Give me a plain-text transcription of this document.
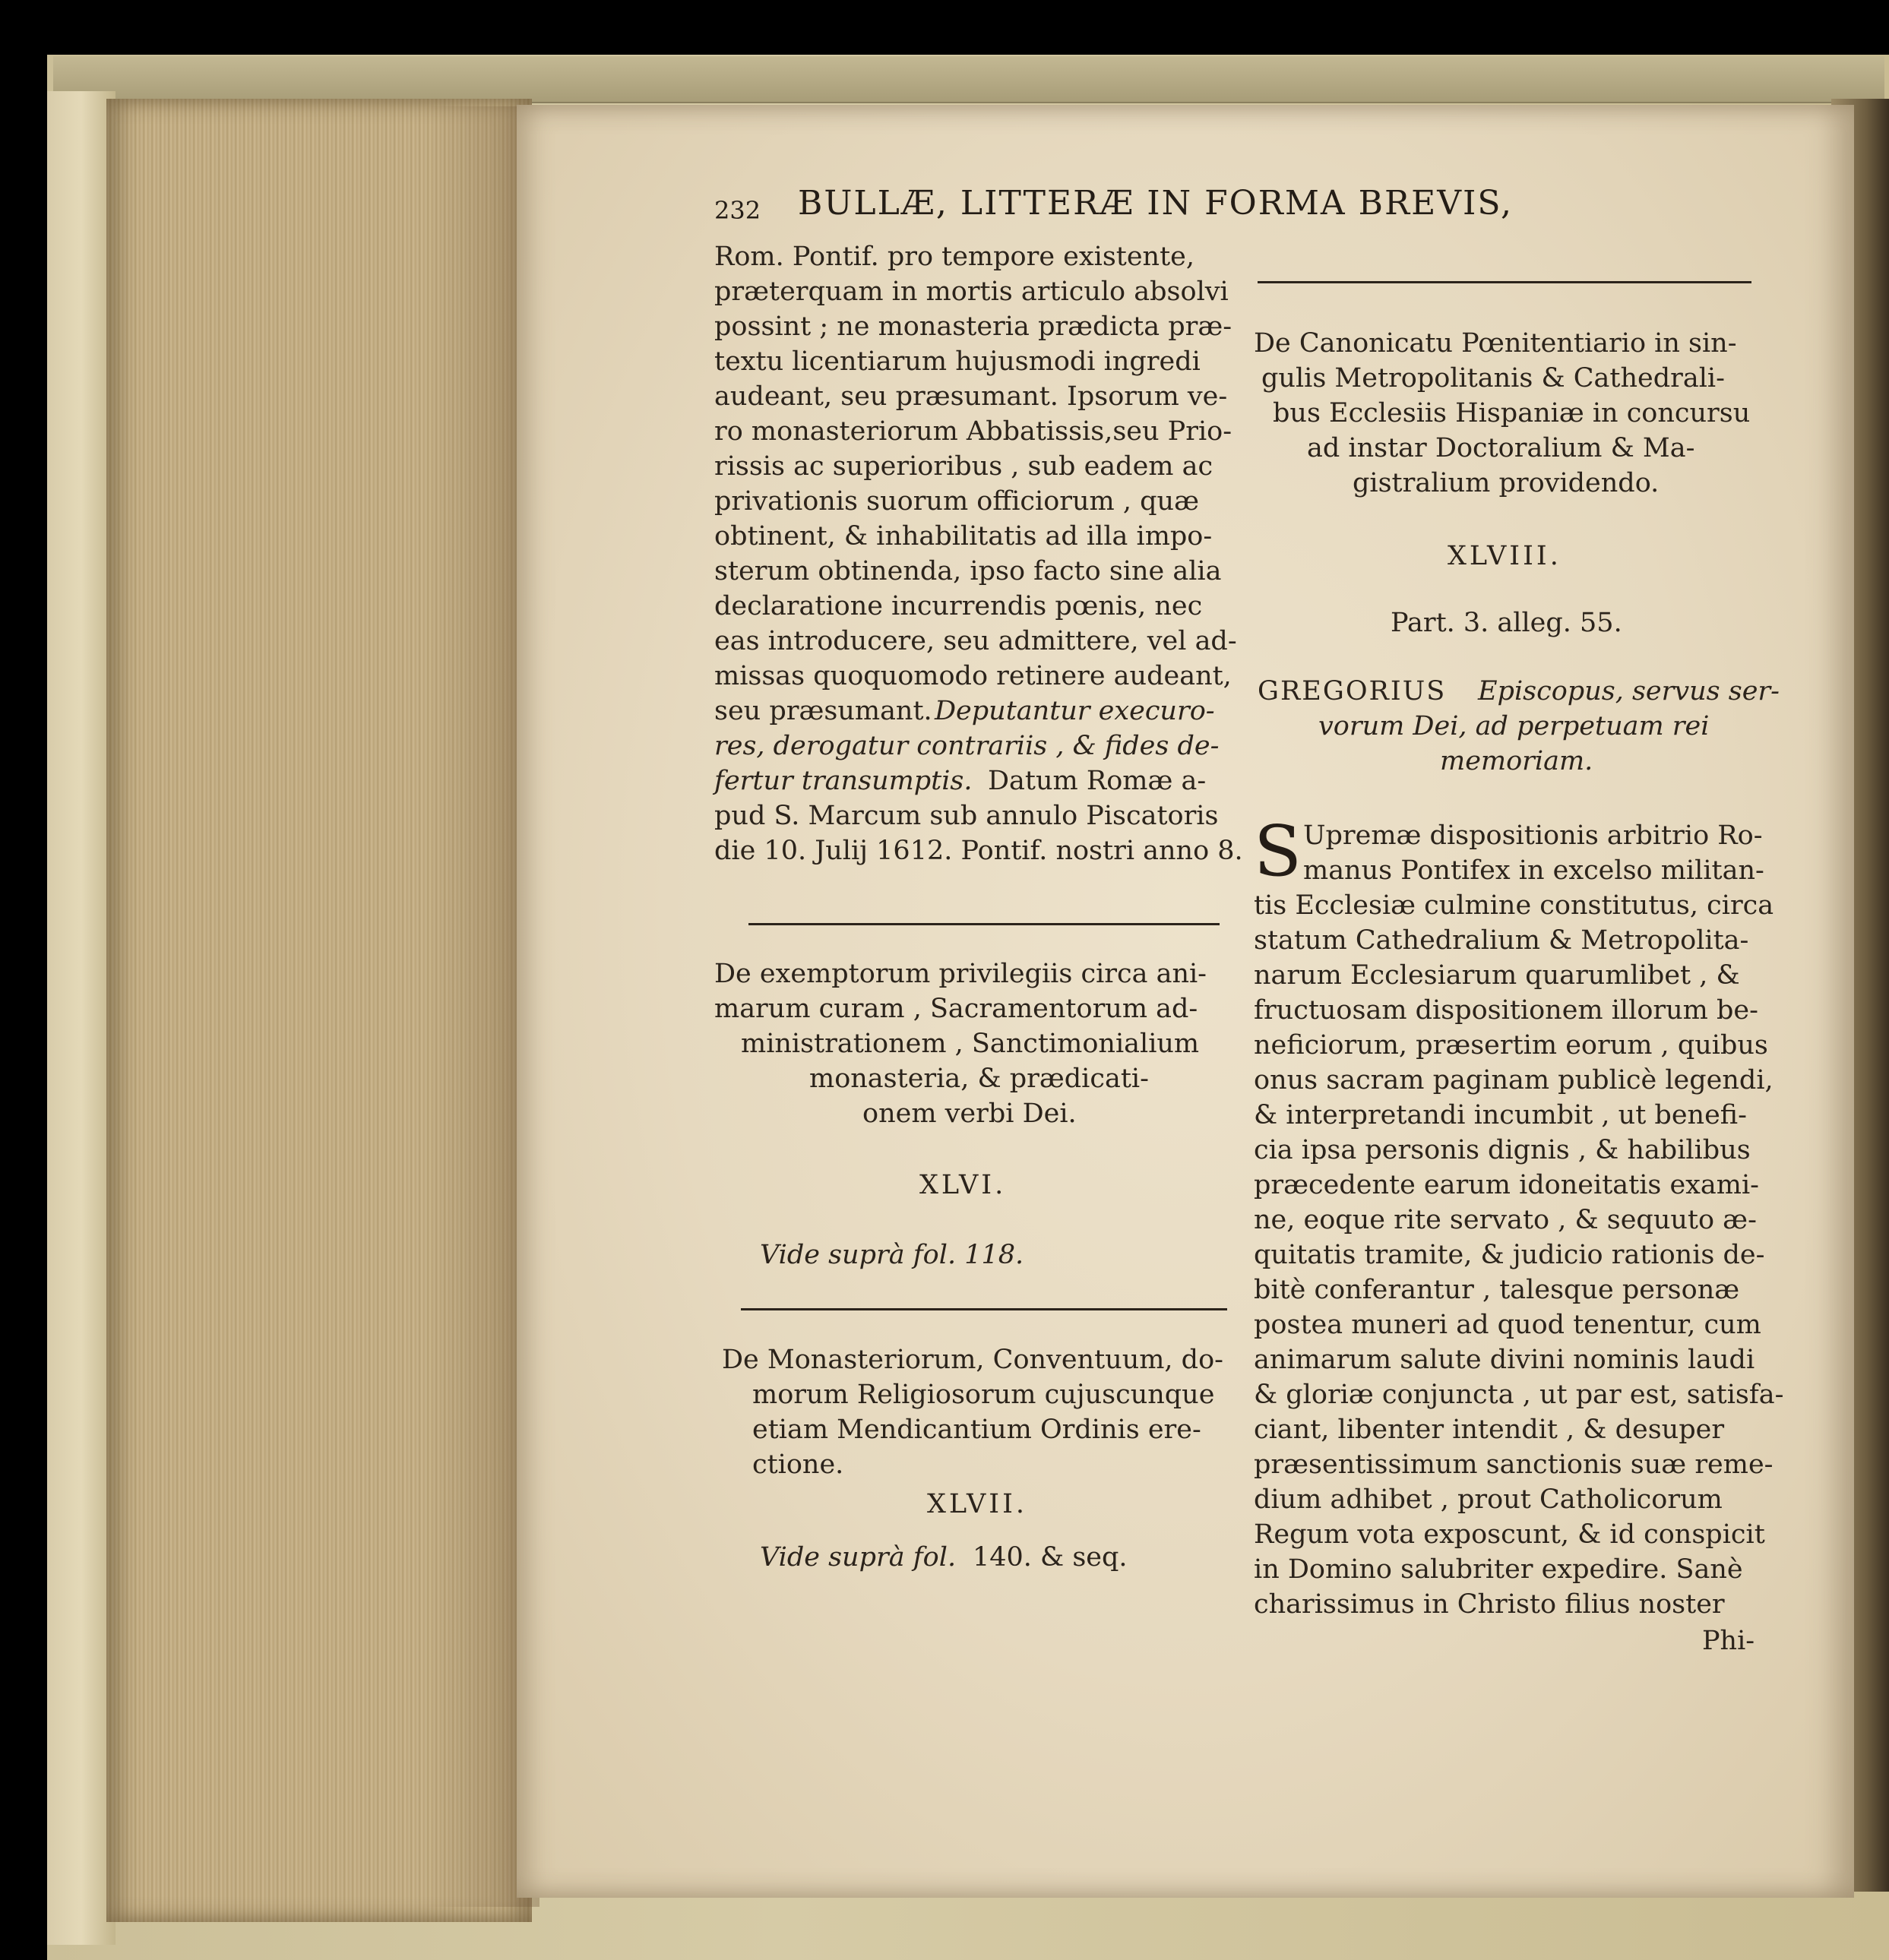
232 BULLÆ, LITTERÆ IN FORMA BREVIS,
Rom. Pontif. pro tempore existente,
præterquam in mortis articulo absolvi
possint ; ne monasteria prædicta præ-
textu licentiarum hujusmodi ingredi
audeant, seu præsumant. Ipsorum ve-
ro monasteriorum Abbatissis,seu Prio-
rissis ac superioribus , sub eadem ac
privationis suorum officiorum , quæ
obtinent, & inhabilitatis ad illa impo-
sterum obtinenda, ipso facto sine alia
declaratione incurrendis pœnis, nec
eas introducere, seu admittere, vel ad-
missas quoquomodo retinere audeant,
seu præsumant. Deputantur execuro-
res, derogatur contrariis , & fides de-
fertur transumptis. Datum Romæ a-
pud S. Marcum sub annulo Piscatoris
die 10. Julij 1612. Pontif. nostri anno 8.
De exemptorum privilegiis circa ani-
marum curam , Sacramentorum ad-
ministrationem , Sanctimonialium
monasteria, & prædicati-
onem verbi Dei.
XLVI.
Vide suprà fol. 118.
De Monasteriorum, Conventuum, do-
morum Religiosorum cujuscunque
etiam Mendicantium Ordinis ere-
ctione.
XLVII.
Vide suprà fol. 140. & seq.
De Canonicatu Pœnitentiario in sin-
gulis Metropolitanis & Cathedrali-
bus Ecclesiis Hispaniæ in concursu
ad instar Doctoralium & Ma-
gistralium providendo.
XLVIII.
Part. 3. alleg. 55.
GREGORIUS Episcopus, servus ser-
vorum Dei, ad perpetuam rei
memoriam.
S Upremæ dispositionis arbitrio Ro-
manus Pontifex in excelso militan-
tis Ecclesiæ culmine constitutus, circa
statum Cathedralium & Metropolita-
narum Ecclesiarum quarumlibet , &
fructuosam dispositionem illorum be-
neficiorum, præsertim eorum , quibus
onus sacram paginam publicè legendi,
& interpretandi incumbit , ut benefi-
cia ipsa personis dignis , & habilibus
præcedente earum idoneitatis exami-
ne, eoque rite servato , & sequuto æ-
quitatis tramite, & judicio rationis de-
bitè conferantur , talesque personæ
postea muneri ad quod tenentur, cum
animarum salute divini nominis laudi
& gloriæ conjuncta , ut par est, satisfa-
ciant, libenter intendit , & desuper
præsentissimum sanctionis suæ reme-
dium adhibet , prout Catholicorum
Regum vota exposcunt, & id conspicit
in Domino salubriter expedire. Sanè
charissimus in Christo filius noster
Phi-
